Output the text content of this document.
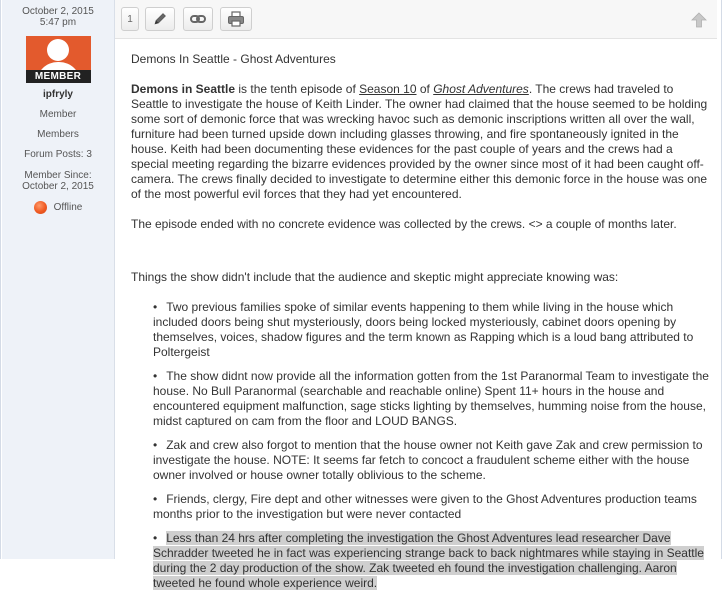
October 2, 2015
5:47 pm
MEMBER
ipfryly
Member
Members
Forum Posts: 3
Member Since:
October 2, 2015
Offline
1
Demons In Seattle - Ghost Adventures

Demons in Seattle is the tenth episode of Season 10 of Ghost Adventures. The crews had traveled to Seattle to investigate the house of Keith Linder. The owner had claimed that the house seemed to be holding some sort of demonic force that was wrecking havoc such as demonic inscriptions written all over the wall, furniture had been turned upside down including glasses throwing, and fire spontaneously ignited in the house. Keith had been documenting these evidences for the past couple of years and the crews had a special meeting regarding the bizarre evidences provided by the owner since most of it had been caught off-camera. The crews finally decided to investigate to determine either this demonic force in the house was one of the most powerful evil forces that they had yet encountered.

The episode ended with no concrete evidence was collected by the crews. <> a couple of months later.

Things the show didn't include that the audience and skeptic might appreciate knowing was:

• Two previous families spoke of similar events happening to them while living in the house which included doors being shut mysteriously, doors being locked mysteriously, cabinet doors opening by themselves, voices, shadow figures and the term known as Rapping which is a loud bang attributed to Poltergeist
• The show didnt now provide all the information gotten from the 1st Paranormal Team to investigate the house. No Bull Paranormal (searchable and reachable online) Spent 11+ hours in the house and encountered equipment malfunction, sage sticks lighting by themselves, humming noise from the house, midst captured on cam from the floor and LOUD BANGS.
• Zak and crew also forgot to mention that the house owner not Keith gave Zak and crew permission to investigate the house. NOTE: It seems far fetch to concoct a fraudulent scheme either with the house owner involved or house owner totally oblivious to the scheme.
• Friends, clergy, Fire dept and other witnesses were given to the Ghost Adventures production teams months prior to the investigation but were never contacted
• Less than 24 hrs after completing the investigation the Ghost Adventures lead researcher Dave Schradder tweeted he in fact was experiencing strange back to back nightmares while staying in Seattle during the 2 day production of the show. Zak tweeted eh found the investigation challenging. Aaron tweeted he found whole experience weird.
